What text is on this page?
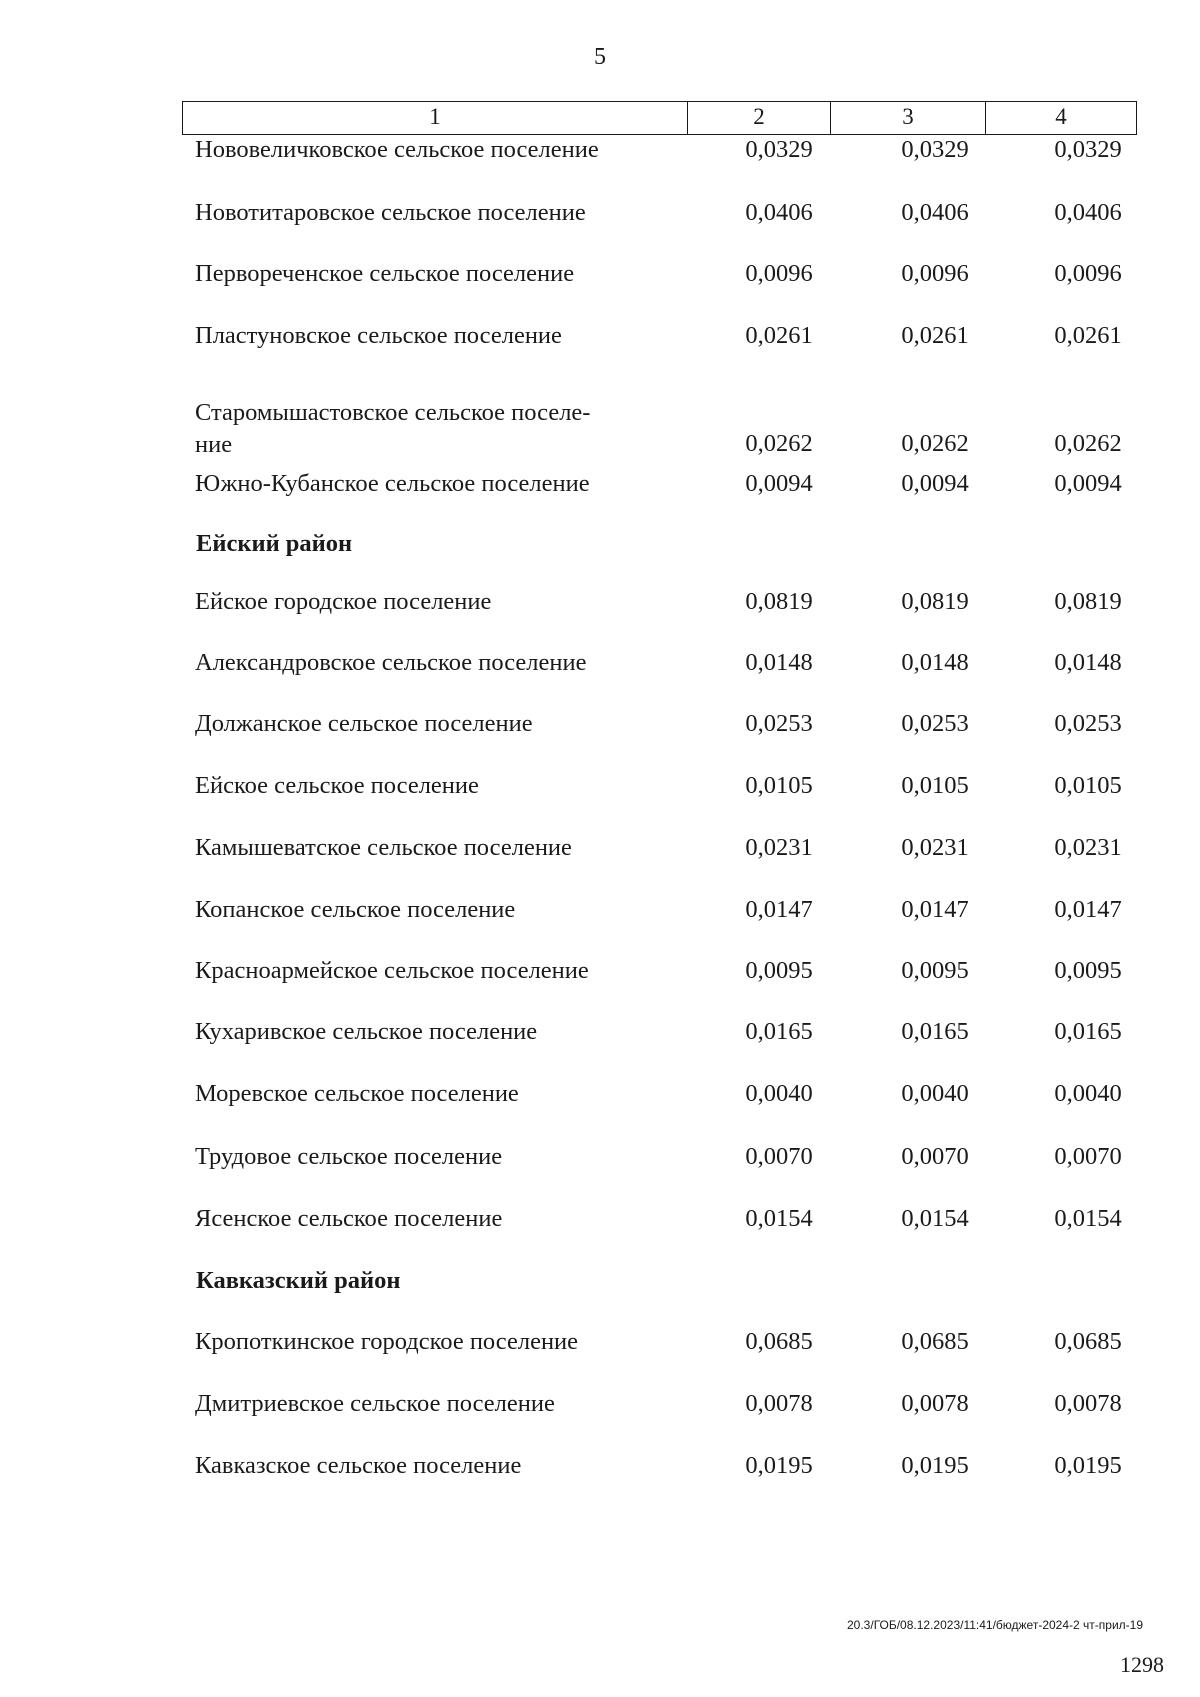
5
1	2	3	4
Нововеличковское сельское поселение	0,0329	0,0329	0,0329
Новотитаровское сельское поселение	0,0406	0,0406	0,0406
Первореченское сельское поселение	0,0096	0,0096	0,0096
Пластуновское сельское поселение	0,0261	0,0261	0,0261
Старомышастовское сельское поселе-
ние	0,0262	0,0262	0,0262
Южно-Кубанское сельское поселение	0,0094	0,0094	0,0094
Ейский район
Ейское городское поселение	0,0819	0,0819	0,0819
Александровское сельское поселение	0,0148	0,0148	0,0148
Должанское сельское поселение	0,0253	0,0253	0,0253
Ейское сельское поселение	0,0105	0,0105	0,0105
Камышеватское сельское поселение	0,0231	0,0231	0,0231
Копанское сельское поселение	0,0147	0,0147	0,0147
Красноармейское сельское поселение	0,0095	0,0095	0,0095
Кухаривское сельское поселение	0,0165	0,0165	0,0165
Моревское сельское поселение	0,0040	0,0040	0,0040
Трудовое сельское поселение	0,0070	0,0070	0,0070
Ясенское сельское поселение	0,0154	0,0154	0,0154
Кавказский район
Кропоткинское городское поселение	0,0685	0,0685	0,0685
Дмитриевское сельское поселение	0,0078	0,0078	0,0078
Кавказское сельское поселение	0,0195	0,0195	0,0195
20.3/ГОБ/08.12.2023/11:41/бюджет-2024-2 чт-прил-19
1298
